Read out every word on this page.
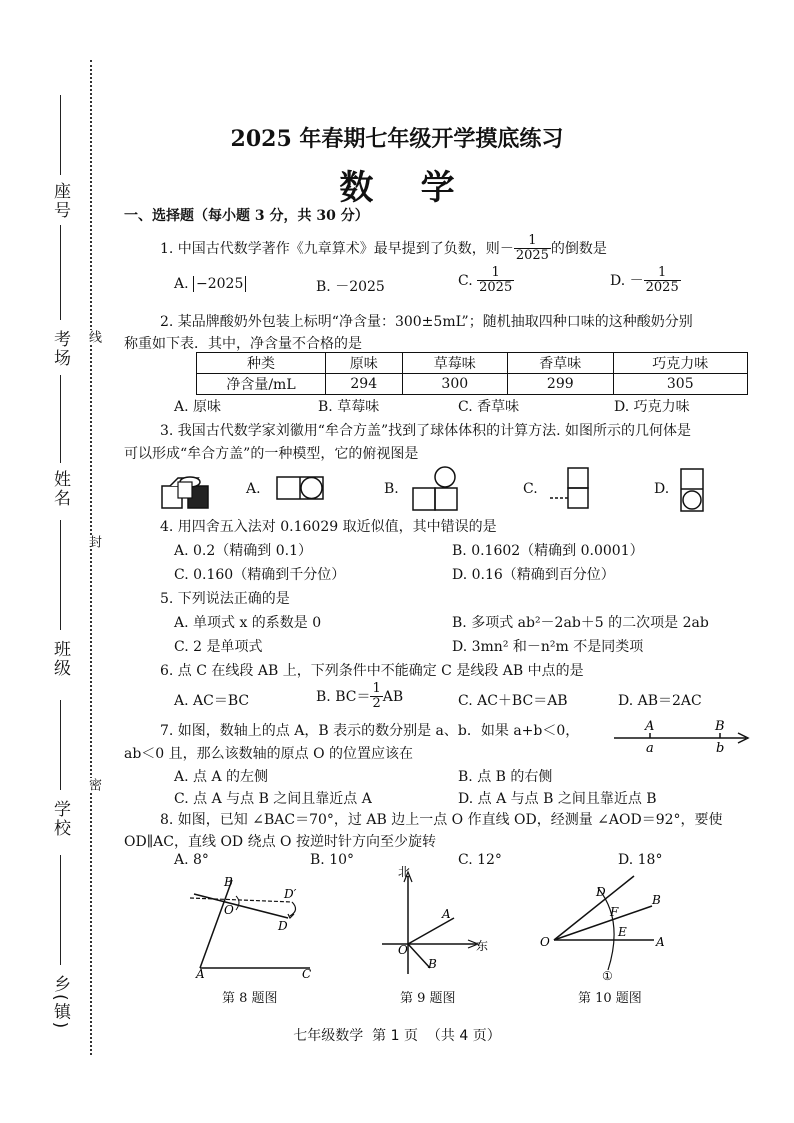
座号
考场
姓名
班级
学校
乡(镇)
线
封
密
2025 年春期七年级开学摸底练习
数    学
一、选择题（每小题 3 分，共 30 分）
1. 中国古代数学著作《九章算术》最早提到了负数，则－ $\frac{1}{2025}$ 的倒数是
A. −2025	B. －2025	C. $\frac{1}{2025}$	D. － $\frac{1}{2025}$
2. 某品牌酸奶外包装上标明“净含量：300±5mL”；随机抽取四种口味的这种酸奶分别
称重如下表．其中，净含量不合格的是
种类	原味	草莓味	香草味	巧克力味
净含量/mL	294	300	299	305
A. 原味	B. 草莓味	C. 香草味	D. 巧克力味
3. 我国古代数学家刘徽用“牟合方盖”找到了球体体积的计算方法. 如图所示的几何体是
可以形成“牟合方盖”的一种模型，它的俯视图是
A.	B.	C.	D.
4. 用四舍五入法对 0.16029 取近似值，其中错误的是
A. 0.2（精确到 0.1）	B. 0.1602（精确到 0.0001）
C. 0.160（精确到千分位）	D. 0.16（精确到百分位）
5. 下列说法正确的是
A. 单项式 x 的系数是 0	B. 多项式 ab²－2ab＋5 的二次项是 2ab
C. 2 是单项式	D. 3mn² 和－n²m 不是同类项
6. 点 C 在线段 AB 上，下列条件中不能确定 C 是线段 AB 中点的是
A. AC＝BC	B. $BC= \frac{1}{2}$ AB	C. AC＋BC＝AB	D. AB＝2AC
7. 如图，数轴上的点 A，B 表示的数分别是 a、b．如果 a+b＜0，
ab＜0 且，那么该数轴的原点 O 的位置应该在
A	B
a	b
A. 点 A 的左侧	B. 点 B 的右侧
C. 点 A 与点 B 之间且靠近点 A	D. 点 A 与点 B 之间且靠近点 B
8. 如图，已知 ∠BAC＝70°，过 AB 边上一点 O 作直线 OD，经测量 ∠AOD＝92°，要使
OD∥AC，直线 OD 绕点 O 按逆时针方向至少旋转
A. 8°	B. 10°	C. 12°	D. 18°
B
D′
O
D
A	C
第 8 题图
北
A
O	东
B
第 9 题图
D
B
F
O
E
A
①
第 10 题图
七年级数学  第 1 页  （共 4 页）
